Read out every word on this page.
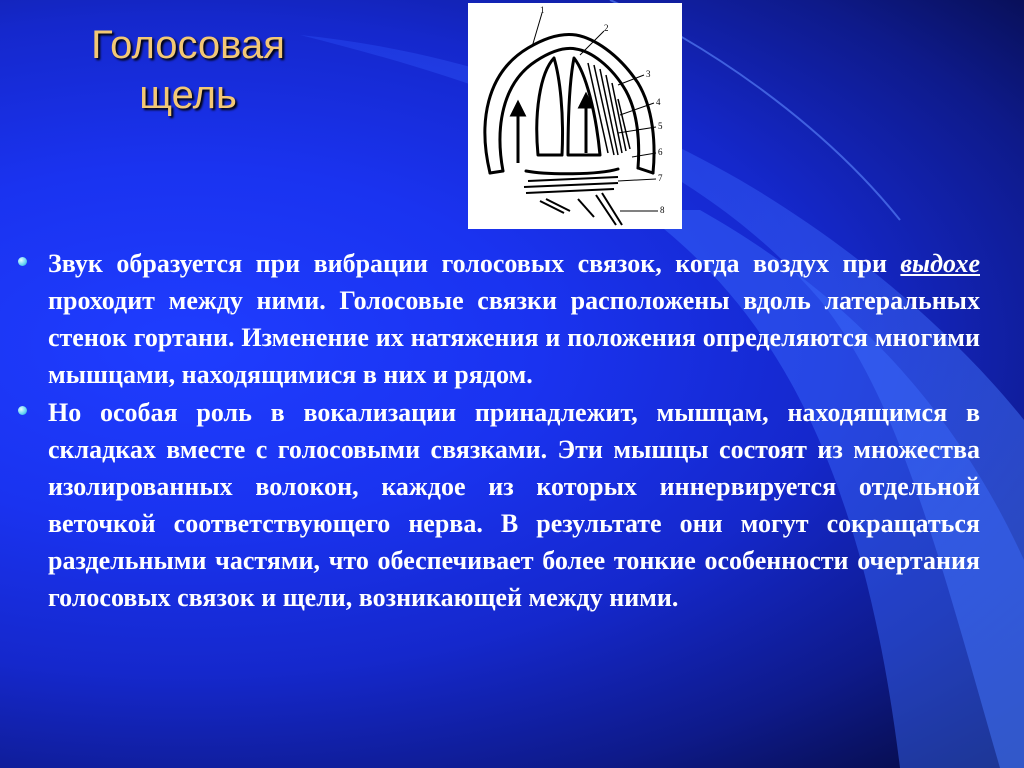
Голосовая щель
1
2
3
4
5
6
7
8
Звук образуется при вибрации голосовых связок, когда воздух при выдохе проходит между ними. Голосовые связки расположены вдоль латеральных стенок гортани. Изменение их натяжения и положения определяются многими мышцами, находящимися в них и рядом.
Но особая роль в вокализации принадлежит, мышцам, находящимся в складках вместе с голосовыми связками. Эти мышцы состоят из множества изолированных волокон, каждое из которых иннервируется отдельной веточкой соответствующего нерва. В результате они могут сокращаться раздельными частями, что обеспечивает более тонкие особенности очертания голосовых связок и щели, возникающей между ними.
